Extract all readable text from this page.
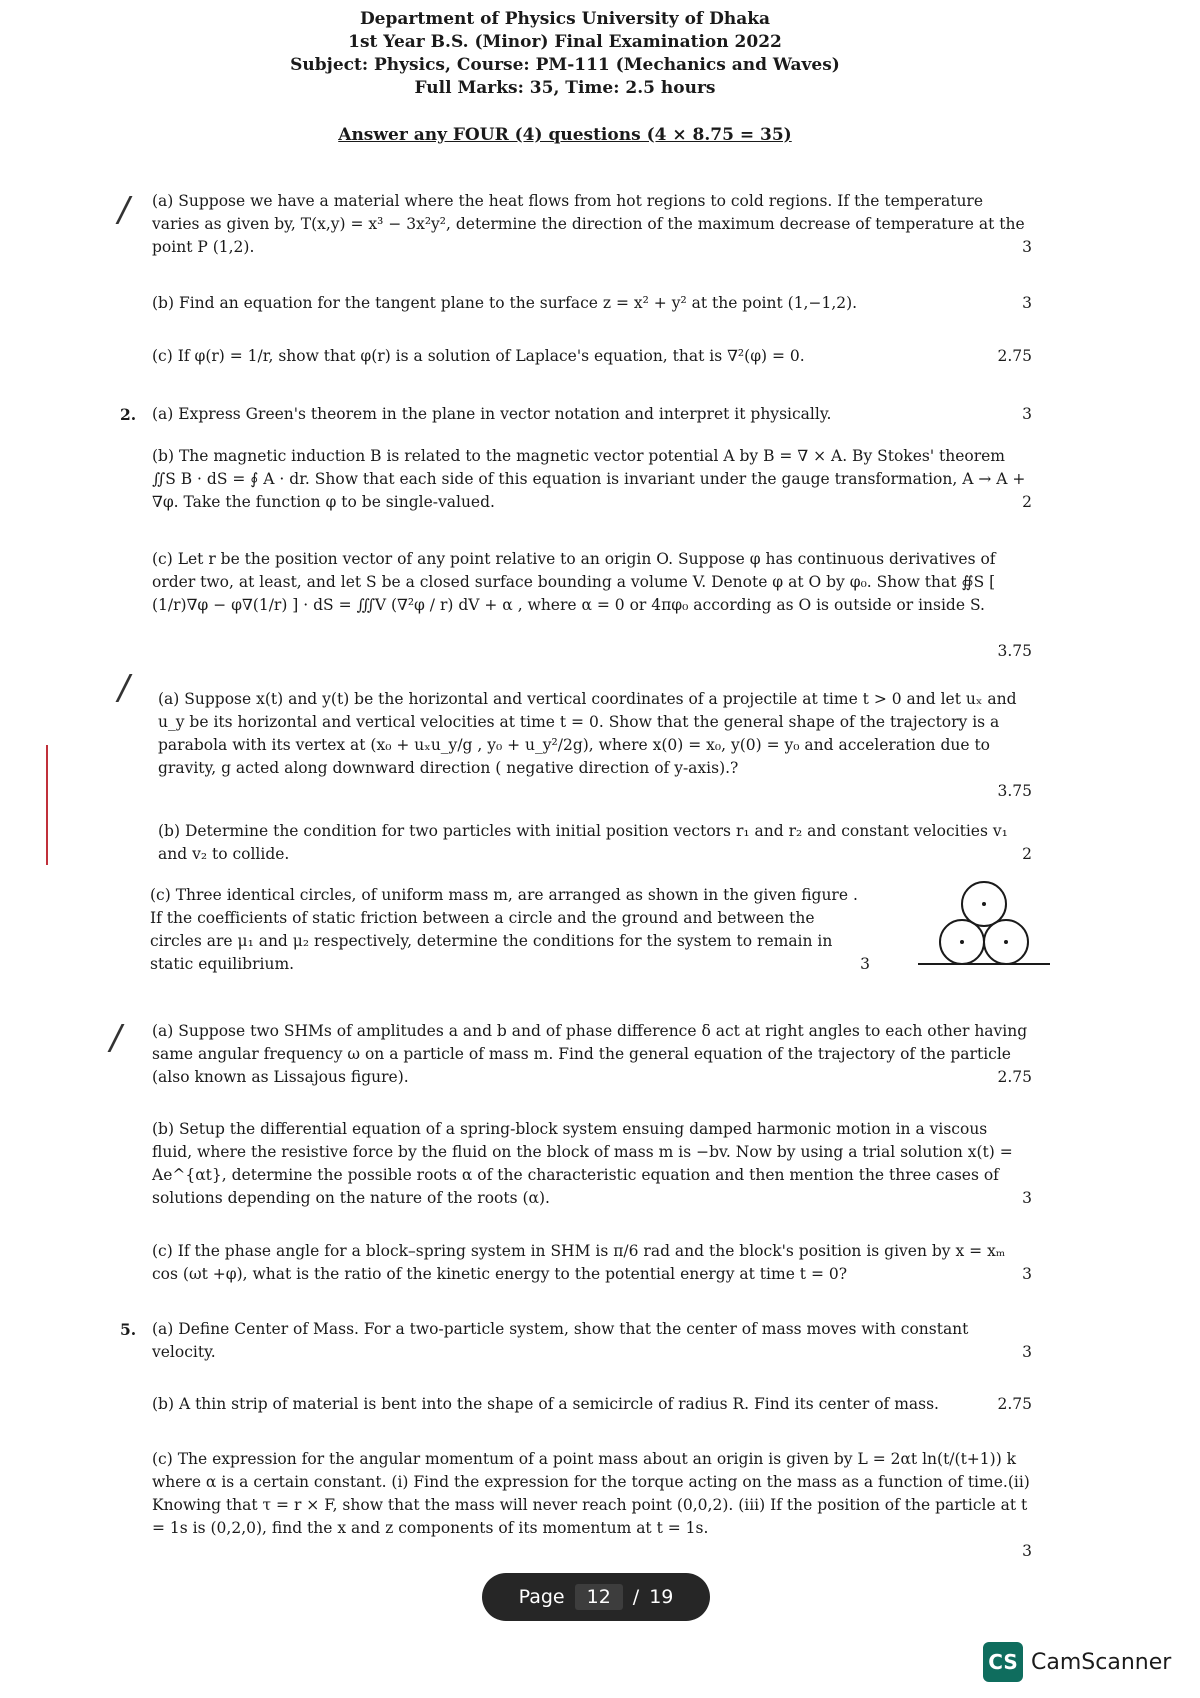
Department of Physics University of Dhaka
1st Year B.S. (Minor) Final Examination 2022
Subject: Physics, Course: PM-111 (Mechanics and Waves)
Full Marks: 35, Time: 2.5 hours
Answer any FOUR (4) questions (4 × 8.75 = 35)
/
/
/
(a) Suppose we have a material where the heat flows from hot regions to cold regions. If the temperature varies as given by, T(x,y) = x³ − 3x²y², determine the direction of the maximum decrease of temperature at the point P (1,2).	3
(b) Find an equation for the tangent plane to the surface z = x² + y² at the point (1,−1,2).	3
(c) If φ(r) = 1/r, show that φ(r) is a solution of Laplace's equation, that is ∇²(φ) = 0.	2.75
2. (a) Express Green's theorem in the plane in vector notation and interpret it physically.	3
(b) The magnetic induction B is related to the magnetic vector potential A by B = ∇ × A. By Stokes' theorem ∬S B · dS = ∮ A · dr. Show that each side of this equation is invariant under the gauge transformation, A → A + ∇φ. Take the function φ to be single-valued.	2
(c) Let r be the position vector of any point relative to an origin O. Suppose φ has continuous derivatives of order two, at least, and let S be a closed surface bounding a volume V. Denote φ at O by φ₀. Show that ∯S [ (1/r)∇φ − φ∇(1/r) ] · dS = ∭V (∇²φ / r) dV + α , where α = 0 or 4πφ₀ according as O is outside or inside S.
3.75
(a) Suppose x(t) and y(t) be the horizontal and vertical coordinates of a projectile at time t > 0 and let uₓ and u_y be its horizontal and vertical velocities at time t = 0. Show that the general shape of the trajectory is a parabola with its vertex at (x₀ + uₓu_y/g , y₀ + u_y²/2g), where x(0) = x₀, y(0) = y₀ and acceleration due to gravity, g acted along downward direction ( negative direction of y-axis).?
3.75
(b) Determine the condition for two particles with initial position vectors r₁ and r₂ and constant velocities v₁ and v₂ to collide.	2
(c) Three identical circles, of uniform mass m, are arranged as shown in the given figure . If the coefficients of static friction between a circle and the ground and between the circles are μ₁ and μ₂ respectively, determine the conditions for the system to remain in static equilibrium.	3
(a) Suppose two SHMs of amplitudes a and b and of phase difference δ act at right angles to each other having same angular frequency ω on a particle of mass m. Find the general equation of the trajectory of the particle (also known as Lissajous figure).	2.75
(b) Setup the differential equation of a spring-block system ensuing damped harmonic motion in a viscous fluid, where the resistive force by the fluid on the block of mass m is −bv. Now by using a trial solution x(t) = Ae^{αt}, determine the possible roots α of the characteristic equation and then mention the three cases of solutions depending on the nature of the roots (α).	3
(c) If the phase angle for a block–spring system in SHM is π/6 rad and the block's position is given by x = xₘ cos (ωt +φ), what is the ratio of the kinetic energy to the potential energy at time t = 0?	3
5. (a) Define Center of Mass. For a two-particle system, show that the center of mass moves with constant velocity.	3
(b) A thin strip of material is bent into the shape of a semicircle of radius R. Find its center of mass.	2.75
(c) The expression for the angular momentum of a point mass about an origin is given by L = 2αt ln(t/(t+1)) k where α is a certain constant. (i) Find the expression for the torque acting on the mass as a function of time.(ii) Knowing that τ = r × F, show that the mass will never reach point (0,0,2). (iii) If the position of the particle at t = 1s is (0,2,0), find the x and z components of its momentum at t = 1s.
3
Page	12	/ 19
CS CamScanner
